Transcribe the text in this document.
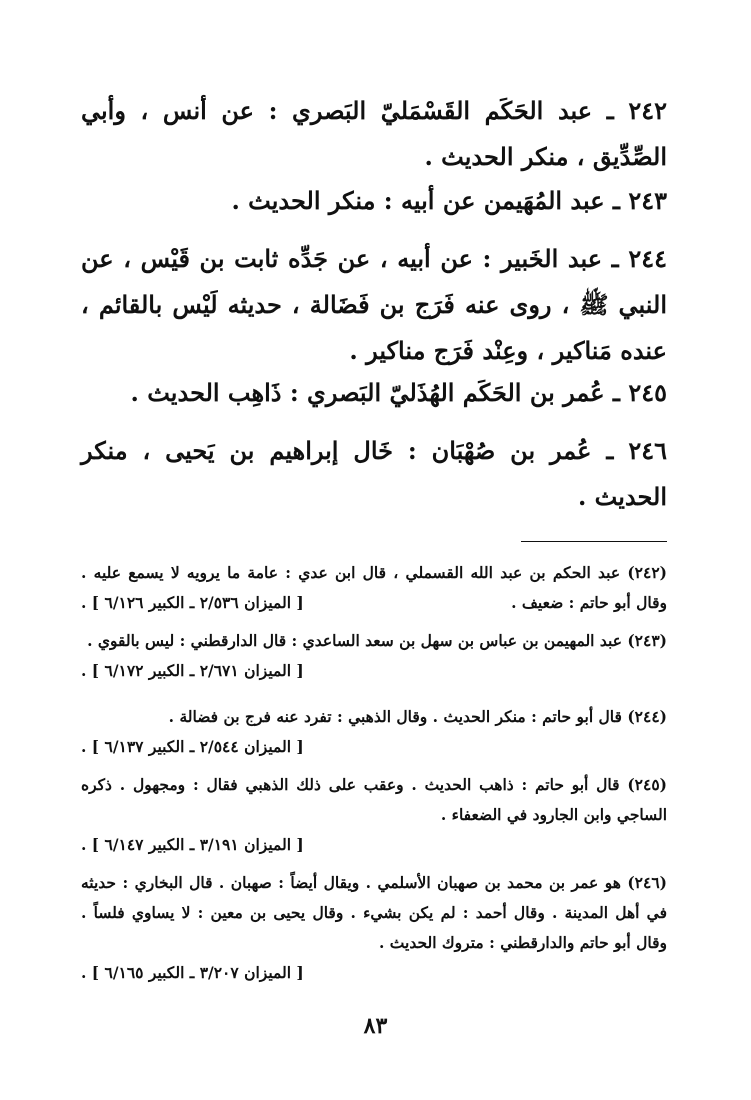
٢٤٢ ـ عبد الحَكَم القَسْمَليّ البَصري : عن أنس ، وأبي الصِّدِّيق ، منكر الحديث .
٢٤٣ ـ عبد المُهَيمن عن أبيه : منكر الحديث .
٢٤٤ ـ عبد الخَبير : عن أبيه ، عن جَدِّه ثابت بن قَيْس ، عن النبي ﷺ ، روى عنه فَرَج بن فَضَالة ، حديثه لَيْس بالقائم ، عنده مَناكير ، وعِنْد فَرَج مناكير .
٢٤٥ ـ عُمر بن الحَكَم الهُذَليّ البَصري : ذَاهِب الحديث .
٢٤٦ ـ عُمر بن صُهْبَان : خَال إبراهيم بن يَحيى ، منكر الحديث .
(٢٤٢) عبد الحكم بن عبد الله القسملي ، قال ابن عدي : عامة ما يرويه لا يسمع عليه . وقال أبو حاتم : ضعيف .
[ الميزان ٢/٥٣٦ ـ الكبير ٦/١٢٦ ] .
(٢٤٣) عبد المهيمن بن عباس بن سهل بن سعد الساعدي : قال الدارقطني : ليس بالقوي .
[ الميزان ٢/٦٧١ ـ الكبير ٦/١٧٢ ] .
(٢٤٤) قال أبو حاتم : منكر الحديث . وقال الذهبي : تفرد عنه فرج بن فضالة .
[ الميزان ٢/٥٤٤ ـ الكبير ٦/١٣٧ ] .
(٢٤٥) قال أبو حاتم : ذاهب الحديث . وعقب على ذلك الذهبي فقال : ومجهول . ذكره الساجي وابن الجارود في الضعفاء .
[ الميزان ٣/١٩١ ـ الكبير ٦/١٤٧ ] .
(٢٤٦) هو عمر بن محمد بن صهبان الأسلمي . ويقال أيضاً : صهبان . قال البخاري : حديثه في أهل المدينة . وقال أحمد : لم يكن بشيء . وقال يحيى بن معين : لا يساوي فلساً . وقال أبو حاتم والدارقطني : متروك الحديث .
[ الميزان ٣/٢٠٧ ـ الكبير ٦/١٦٥ ] .
٨٣
